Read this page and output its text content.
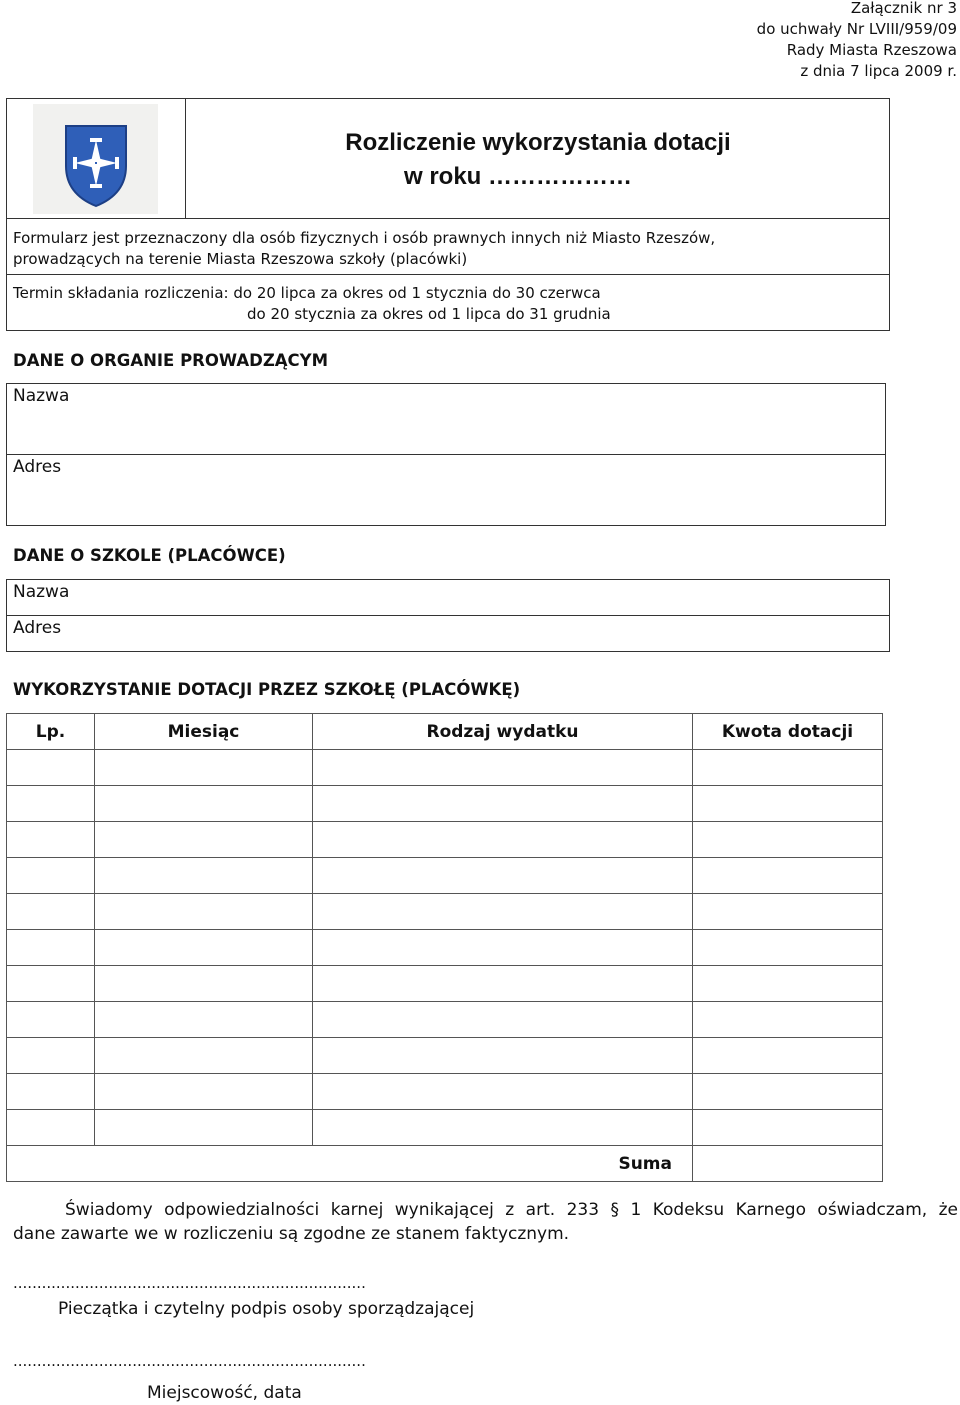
Załącznik nr 3
do uchwały Nr LVIII/959/09
Rady Miasta Rzeszowa
z dnia 7 lipca 2009 r.
Rozliczenie wykorzystania dotacji
w roku ………………
Formularz jest przeznaczony dla osób fizycznych i osób prawnych innych niż Miasto Rzeszów,
prowadzących na terenie Miasta Rzeszowa szkoły (placówki)
Termin składania rozliczenia: do 20 lipca za okres od 1 stycznia do 30 czerwca
do 20 stycznia za okres od 1 lipca do 31 grudnia
DANE O ORGANIE PROWADZĄCYM
Nazwa
Adres
DANE O SZKOLE (PLACÓWCE)
Nazwa
Adres
WYKORZYSTANIE DOTACJI PRZEZ SZKOŁĘ (PLACÓWKĘ)
Lp.	Miesiąc	Rodzaj wydatku	Kwota dotacji

Suma			
Świadomy odpowiedzialności karnej wynikającej z art. 233 § 1 Kodeksu Karnego oświadczam, że
dane zawarte we w rozliczeniu są zgodne ze stanem faktycznym.
..........................................................................
Pieczątka i czytelny podpis osoby sporządzającej
..........................................................................
Miejscowość, data
